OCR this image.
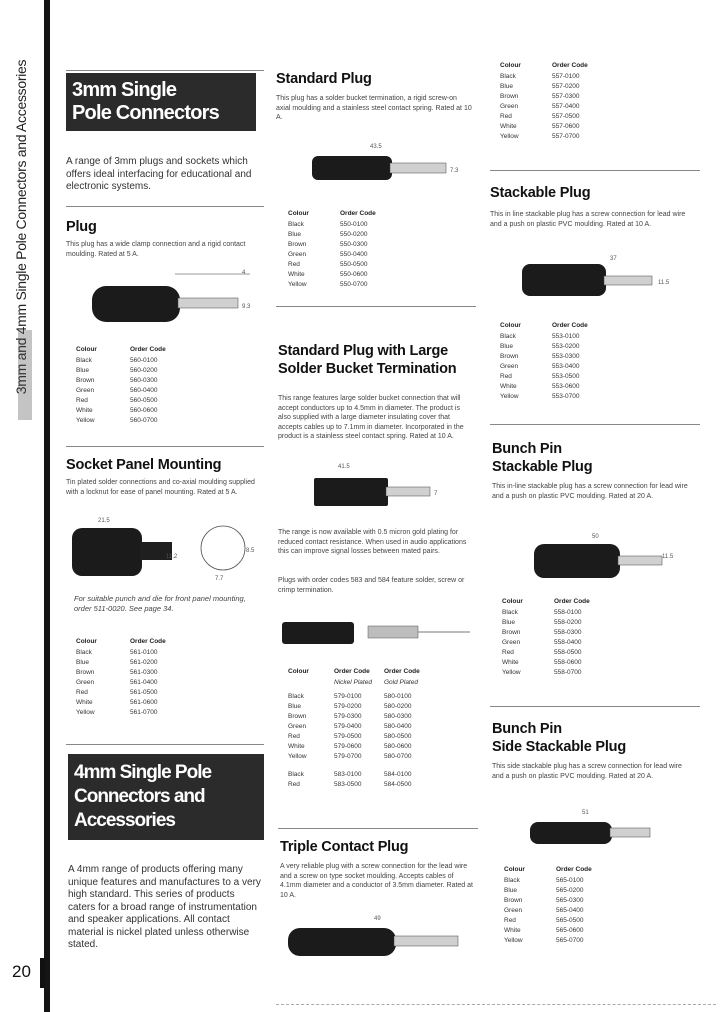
3mm and 4mm Single Pole Connectors and Accessories
20
3mm Single
Pole Connectors
A range of 3mm plugs and sockets which offers ideal interfacing for educational and electronic systems.
Plug
This plug has a wide clamp connection and a rigid contact moulding. Rated at 5 A.
4
9.3
Colour	Order Code
Black	560-0100
Blue	560-0200
Brown	560-0300
Green	560-0400
Red	560-0500
White	560-0600
Yellow	560-0700
Socket Panel Mounting
Tin plated solder connections and co-axial moulding supplied with a locknut for ease of panel mounting. Rated at 5 A.
21.5
11.2
8.5
7.7
For suitable punch and die for front panel mounting, order 511-0020. See page 34.
Colour	Order Code
Black	561-0100
Blue	561-0200
Brown	561-0300
Green	561-0400
Red	561-0500
White	561-0600
Yellow	561-0700
4mm Single Pole
Connectors and
Accessories
A 4mm range of products offering many unique features and manufactures to a very high standard. This series of products caters for a broad range of instrumentation and speaker applications. All contact material is nickel plated unless otherwise stated.
Standard Plug
This plug has a solder bucket termination, a rigid screw-on axial moulding and a stainless steel contact spring. Rated at 10 A.
43.5
7.3
Colour	Order Code
Black	550-0100
Blue	550-0200
Brown	550-0300
Green	550-0400
Red	550-0500
White	550-0600
Yellow	550-0700
Standard Plug with Large
Solder Bucket Termination
This range features large solder bucket connection that will accept conductors up to 4.5mm in diameter. The product is also supplied with a large diameter insulating cover that accepts cables up to 7.1mm in diameter. Incorporated in the product is a stainless steel contact spring. Rated at 10 A.
41.5
7
The range is now available with 0.5 micron gold plating for reduced contact resistance. When used in audio applications this can improve signal losses between mated pairs.
Plugs with order codes 583 and 584 feature solder, screw or crimp termination.
Colour	Order Code	Order Code
	Nickel Plated	Gold Plated
Black	579-0100	580-0100
Blue	579-0200	580-0200
Brown	579-0300	580-0300
Green	579-0400	580-0400
Red	579-0500	580-0500
White	579-0600	580-0600
Yellow	579-0700	580-0700
Black	583-0100	584-0100
Red	583-0500	584-0500
Triple Contact Plug
A very reliable plug with a screw connection for the lead wire and a screw on type socket moulding. Accepts cables of 4.1mm diameter and a conductor of 3.5mm diameter. Rated at 10 A.
49
Colour	Order Code
Black	557-0100
Blue	557-0200
Brown	557-0300
Green	557-0400
Red	557-0500
White	557-0600
Yellow	557-0700
Stackable Plug
This in line stackable plug has a screw connection for lead wire and a push on plastic PVC moulding. Rated at 10 A.
37
11.5
Colour	Order Code
Black	553-0100
Blue	553-0200
Brown	553-0300
Green	553-0400
Red	553-0500
White	553-0600
Yellow	553-0700
Bunch Pin
Stackable Plug
This in-line stackable plug has a screw connection for lead wire and a push on plastic PVC moulding. Rated at 20 A.
50
11.5
Colour	Order Code
Black	558-0100
Blue	558-0200
Brown	558-0300
Green	558-0400
Red	558-0500
White	558-0600
Yellow	558-0700
Bunch Pin
Side Stackable Plug
This side stackable plug has a screw connection for lead wire and a push on plastic PVC moulding. Rated at 20 A.
51
Colour	Order Code
Black	565-0100
Blue	565-0200
Brown	565-0300
Green	565-0400
Red	565-0500
White	565-0600
Yellow	565-0700
